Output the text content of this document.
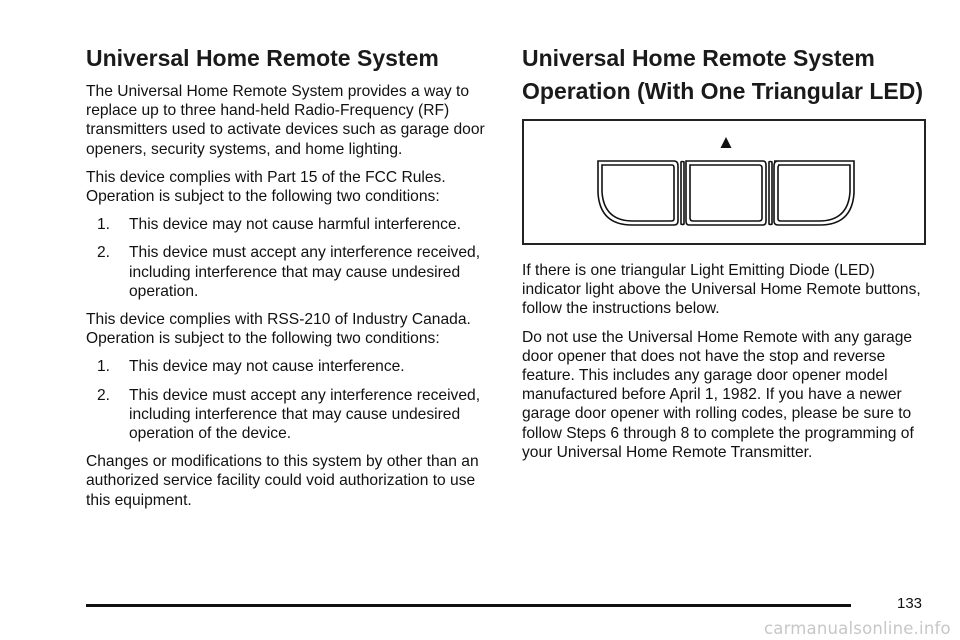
Universal Home Remote System

The Universal Home Remote System provides a way to replace up to three hand-held Radio-Frequency (RF) transmitters used to activate devices such as garage door openers, security systems, and home lighting.

This device complies with Part 15 of the FCC Rules. Operation is subject to the following two conditions:

1. This device may not cause harmful interference.
2. This device must accept any interference received, including interference that may cause undesired operation.

This device complies with RSS-210 of Industry Canada. Operation is subject to the following two conditions:

1. This device may not cause interference.
2. This device must accept any interference received, including interference that may cause undesired operation of the device.

Changes or modifications to this system by other than an authorized service facility could void authorization to use this equipment.

Universal Home Remote System Operation (With One Triangular LED)

If there is one triangular Light Emitting Diode (LED) indicator light above the Universal Home Remote buttons, follow the instructions below.

Do not use the Universal Home Remote with any garage door opener that does not have the stop and reverse feature. This includes any garage door opener model manufactured before April 1, 1982. If you have a newer garage door opener with rolling codes, please be sure to follow Steps 6 through 8 to complete the programming of your Universal Home Remote Transmitter.

133
carmanualsonline.info
